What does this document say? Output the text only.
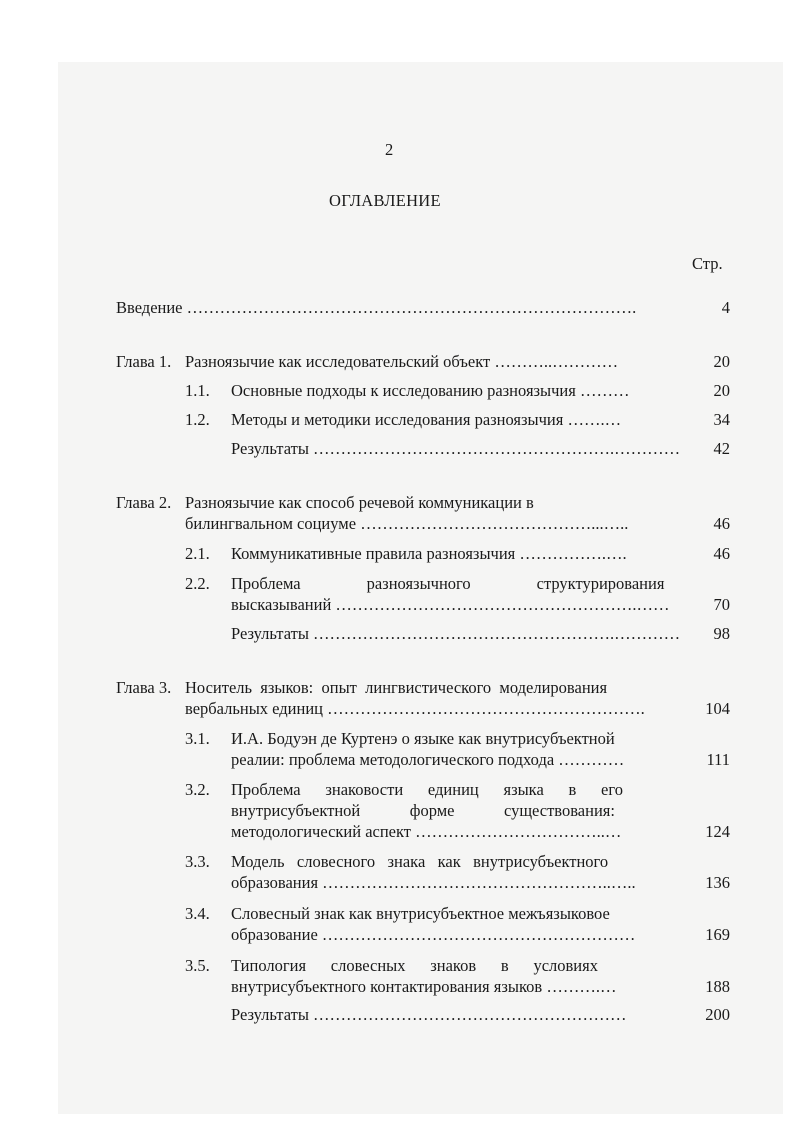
2
ОГЛАВЛЕНИЕ
Стр.
Введение ……………………………………………………………………….	4
Глава 1. Разноязычие как исследовательский объект ………..…………	20
1.1. Основные подходы к исследованию разноязычия ………	20
1.2. Методы и методики исследования разноязычия …….…	34
Результаты ……………………………………………….…………	42
Глава 2. Разноязычие как способ речевой коммуникации в
билингвальном социуме ……………………………………...…..	46
2.1. Коммуникативные правила разноязычия …………….….	46
2.2. Проблема                разноязычного                структурирования
высказываний ……………………………………………….……	70
Результаты ……………………………………………….…………	98
Глава 3. Носитель  языков:  опыт  лингвистического  моделирования
вербальных единиц ………………………………………………….	104
3.1. И.А. Бодуэн де Куртенэ о языке как внутрисубъектной
реалии: проблема методологического подхода …………	111
3.2. Проблема      знаковости      единиц      языка      в      его
внутрисубъектной            форме            существования:
методологический аспект ……………………………..…	124
3.3. Модель   словесного   знака   как   внутрисубъектного
образования ……………………………………………..…..	136
3.4. Словесный знак как внутрисубъектное межъязыковое
образование …………………………………………………	169
3.5. Типология      словесных      знаков      в      условиях
внутрисубъектного контактирования языков ……….…	188
Результаты …………………………………………………	200
